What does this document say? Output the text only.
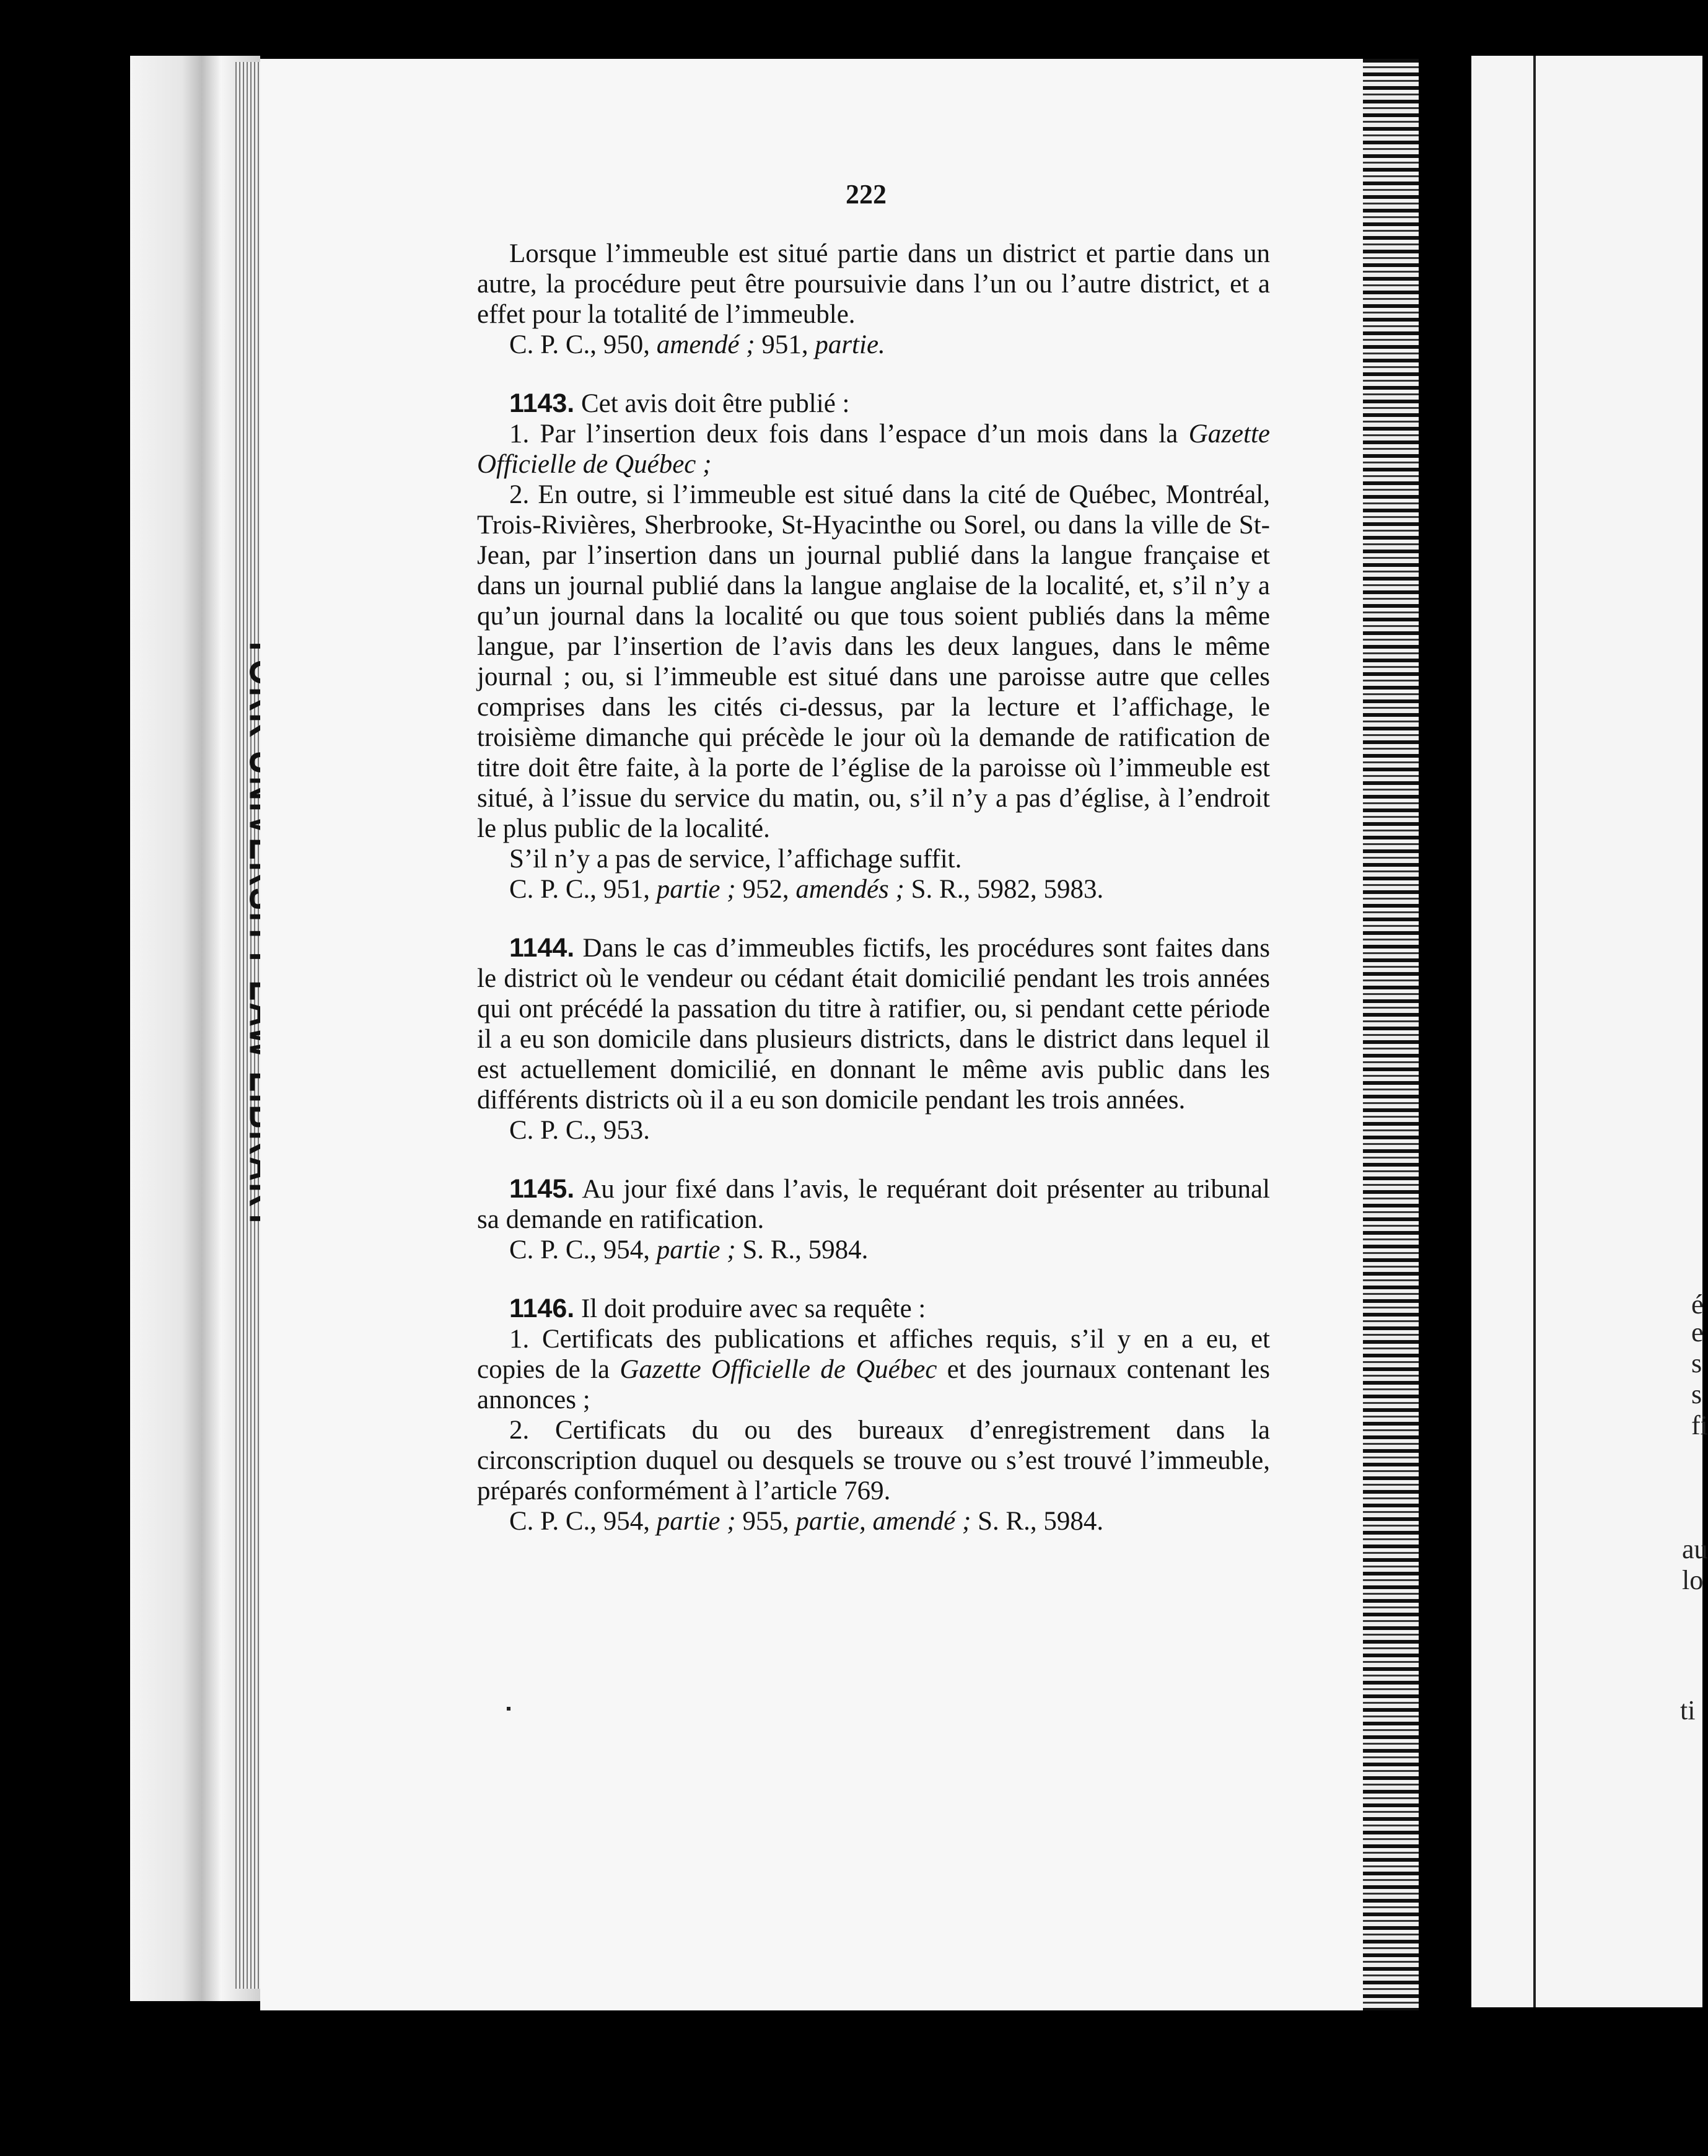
222

Lorsque l’immeuble est situé partie dans un district et partie dans un autre, la procédure peut être poursuivie dans l’un ou l’autre district, et a effet pour la totalité de l’immeuble.

C. P. C., 950, amendé ; 951, partie.

1143. Cet avis doit être publié :

1. Par l’insertion deux fois dans l’espace d’un mois dans la Gazette Officielle de Québec ;

2. En outre, si l’immeuble est situé dans la cité de Québec, Montréal, Trois-Rivières, Sherbrooke, St-Hyacinthe ou Sorel, ou dans la ville de St-Jean, par l’insertion dans un journal publié dans la langue française et dans un journal publié dans la langue anglaise de la localité, et, s’il n’y a qu’un journal dans la localité ou que tous soient publiés dans la même langue, par l’insertion de l’avis dans les deux langues, dans le même journal ; ou, si l’immeuble est situé dans une paroisse autre que celles comprises dans les cités ci-dessus, par la lecture et l’affichage, le troisième dimanche qui précède le jour où la demande de ratification de titre doit être faite, à la porte de l’église de la paroisse où l’immeuble est situé, à l’issue du service du matin, ou, s’il n’y a pas d’église, à l’endroit le plus public de la localité.

S’il n’y a pas de service, l’affichage suffit.

C. P. C., 951, partie ; 952, amendés ; S. R., 5982, 5983.

1144. Dans le cas d’immeubles fictifs, les procédures sont faites dans le district où le vendeur ou cédant était domicilié pendant les trois années qui ont précédé la passation du titre à ratifier, ou, si pendant cette période il a eu son domicile dans plusieurs districts, dans le district dans lequel il est actuellement domicilié, en donnant le même avis public dans les différents districts où il a eu son domicile pendant les trois années.

C. P. C., 953.

1145. Au jour fixé dans l’avis, le requérant doit présenter au tribunal sa demande en ratification.

C. P. C., 954, partie ; S. R., 5984.

1146. Il doit produire avec sa requête :

1. Certificats des publications et affiches requis, s’il y en a eu, et copies de la Gazette Officielle de Québec et des journaux contenant les annonces ;

2. Certificats du ou des bureaux d’enregistrement dans la circonscription duquel ou desquels se trouve ou s’est trouvé l’immeuble, préparés conformément à l’article 769.

C. P. C., 954, partie ; 955, partie, amendé ; S. R., 5984.

é
e
s
s
fi
au
lo
ti
